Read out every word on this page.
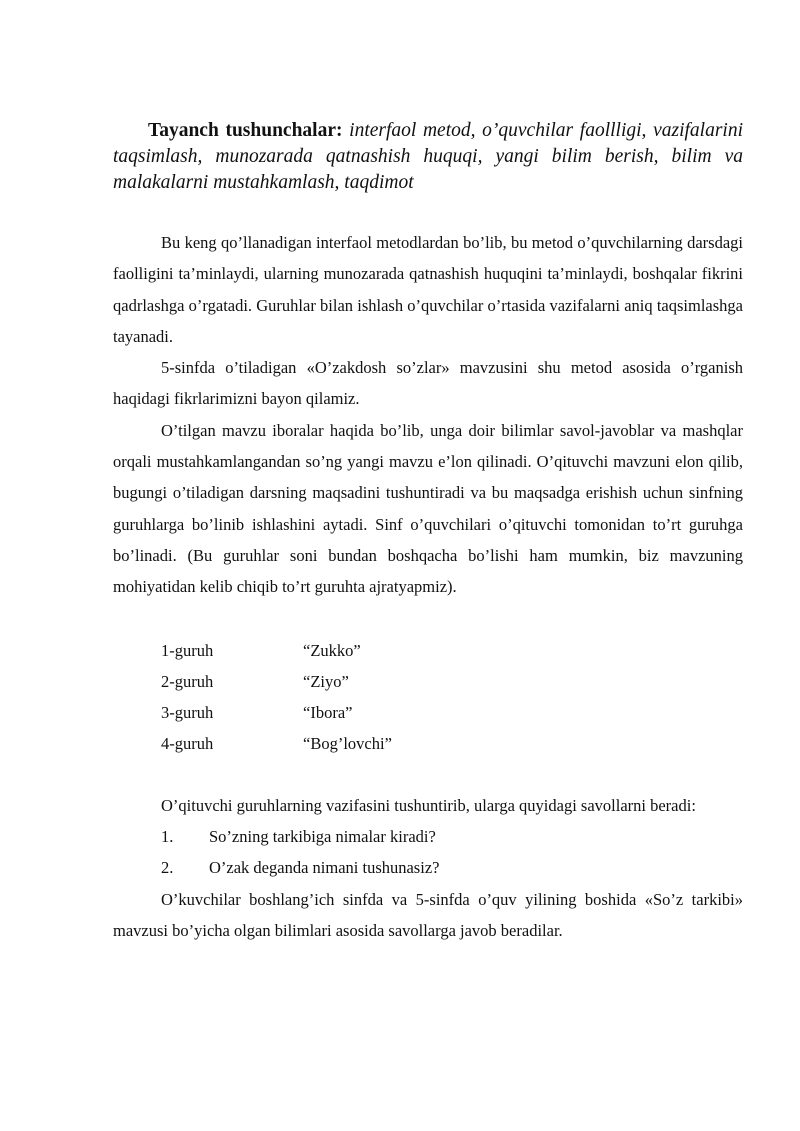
Tayanch tushunchalar: interfaol metod, o’quvchilar faollligi, vazifalarini taqsimlash, munozarada qatnashish huquqi, yangi bilim berish, bilim va malakalarni mustahkamlash, taqdimot

Bu keng qo’llanadigan interfaol metodlardan bo’lib, bu metod o’quvchilarning darsdagi faolligini ta’minlaydi, ularning munozarada qatnashish huquqini ta’minlaydi, boshqalar fikrini qadrlashga o’rgatadi. Guruhlar bilan ishlash o’quvchilar o’rtasida vazifalarni aniq taqsimlashga tayanadi.

5-sinfda o’tiladigan «O’zakdosh so’zlar» mavzusini shu metod asosida o’rganish haqidagi fikrlarimizni bayon qilamiz.

O’tilgan mavzu iboralar haqida bo’lib, unga doir bilimlar savol-javoblar va mashqlar orqali mustahkamlangandan so’ng yangi mavzu e’lon qilinadi. O’qituvchi mavzuni elon qilib, bugungi o’tiladigan darsning maqsadini tushuntiradi va bu maqsadga erishish uchun sinfning guruhlarga bo’linib ishlashini aytadi. Sinf o’quvchilari o’qituvchi tomonidan to’rt guruhga bo’linadi. (Bu guruhlar soni bundan boshqacha bo’lishi ham mumkin, biz mavzuning mohiyatidan kelib chiqib to’rt guruhta ajratyapmiz).

1-guruh	“Zukko”
2-guruh	“Ziyo”
3-guruh	“Ibora”
4-guruh	“Bog’lovchi”

O’qituvchi guruhlarning vazifasini tushuntirib, ularga quyidagi savollarni beradi:

1.	So’zning tarkibiga nimalar kiradi?
2.	O’zak deganda nimani tushunasiz?

O’kuvchilar boshlang’ich sinfda va 5-sinfda o’quv yilining boshida «So’z tarkibi» mavzusi bo’yicha olgan bilimlari asosida savollarga javob beradilar.
